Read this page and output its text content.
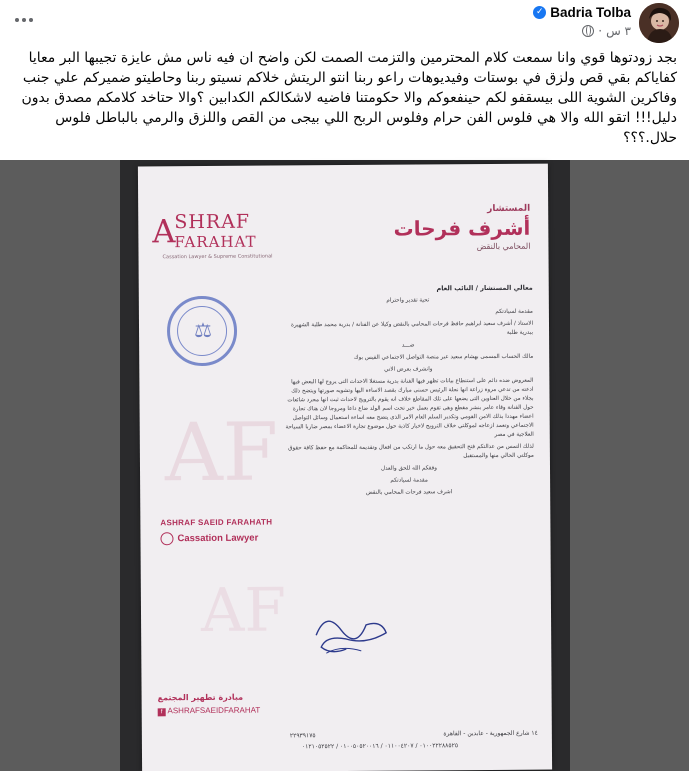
Badria Tolba
✓
٣ س
·
بجد زودتوها قوي وانا سمعت كلام المحترمين والتزمت الصمت لكن واضح ان فيه ناس مش عايزة تجيبها البر معايا كفاياكم بقي قص ولزق في بوستات وفيديوهات راعو ربنا انتو الريتش خلاكم نسيتو ربنا وحاطيتو ضميركم علي جنب وفاكرين الشوية اللى بيسقفو لكم حينفعوكم والا حكومتنا فاضيه لاشكالكم الكدابين ؟والا حتاخد كلامكم مصدق بدون دليل!!! اتقو الله والا هي فلوس الفن حرام وفلوس الربح اللي بيجى من القص واللزق والرمي بالباطل فلوس حلال.؟؟؟
AF
AF
A
SHRAF
FARAHAT
Cassation Lawyer & Supreme Constitutional
المستشار
أشرف فرحات
المحامي بالنقض
⚖
معالي المستشار / النائب العام
تحية تقدير واحترام

مقدمة لسيادتكم

الاستاذ / أشرف سعيد ابراهيم حافظ فرحات المحامي بالنقض وكيلا عن الفنانة / بدرية محمد طلبة الشهيرة ببدرية طلبة

ضـــد

مالك الحساب المسمى بهشام سعيد عبر منصة التواصل الاجتماعي الفيس بوك

وانشرف بعرض الاتي

المعروض ضده دائم على استنطاع بيانات تظهر فيها الفنانة بدرية مستغلا الاحداث التى يروج لها البعض فيها ادعته من تدعي مروة زراعة انها نجلة الرئيس حسنى مبارك بقصد الاساءة اليها وتشويه صورتها ويتضح ذلك بجلاء من خلال العناوين التى يضعها على تلك المقاطع خلاف انه يقوم بالترويج لاحداث ثبت انها مجرد شائعات حول الفنانة وقاء عامر بنشر مقطع وهى تقوم بعمل خير تحت اسم الولد ضاع داعا ومروجا لان هناك تجارة اعضاء مهددا بذلك الامن القومي وتكدير السلم العام الامر الذى يتضح معه اساءة استعمال وسائل التواصل الاجتماعي وتعمد ازعاجه لموكلتي خلاف الترويج لاخبار كاذبة حول موضوع تجارة الاعضاء بمصر ضاربا السياحة العلاجية في مصر

لذلك التمس من عدالتكم فتح التحقيق معه حول ما ارتكب من افعال وتقديمة للمحاكمة مع حفظ كافة حقوق موكلتي الحالي منها والمستقبل

وفقكم الله للحق والعدل
مقدمة لسيادتكم
اشرف سعيد فرحات المحامي بالنقض
ASHRAF SAEID FARAHATH
Cassation Lawyer
مبادرة تطهير المجتمع
f ASHRAFSAEIDFARAHAT
١٤ شارع الجمهورية - عابدين - القاهرة
٢٢٩٣٩١٧٥
٠١٠٠٢٢٢٨٨٥٢٥ / ٠١١٠٠٤٢٠٧ / ٠١٠٠٥٠٥٢٠٠١٦ / ٠١٢١٠٥٢٥٢٢
